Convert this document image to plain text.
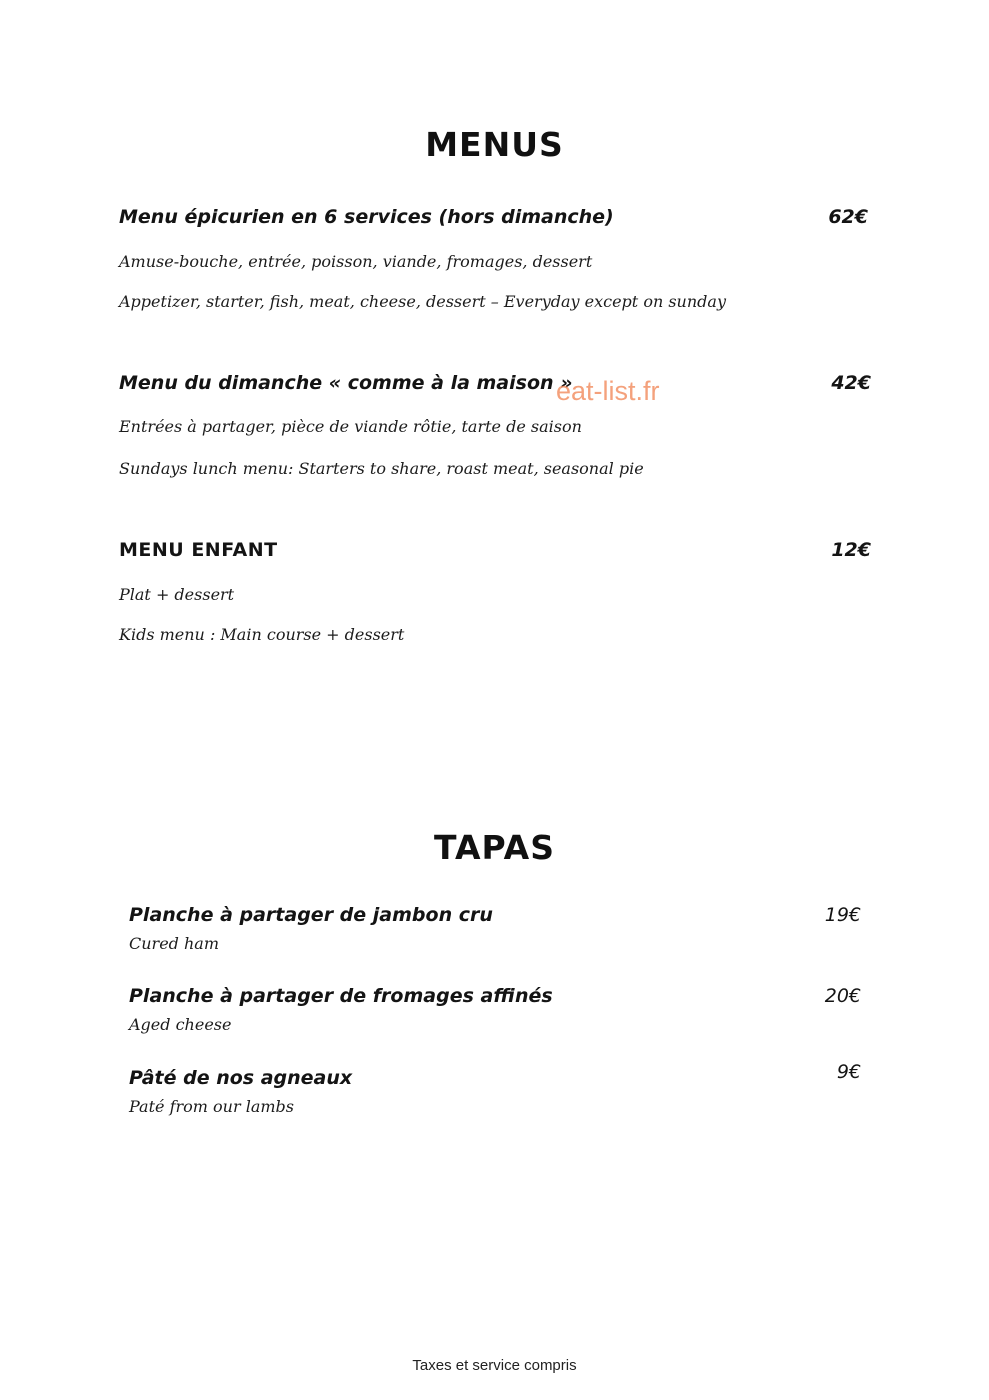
MENUS
Menu épicurien en 6 services (hors dimanche)	62€
Amuse-bouche, entrée, poisson, viande, fromages, dessert
Appetizer, starter, fish, meat, cheese, dessert – Everyday except on sunday
Menu du dimanche « comme à la maison »	42€
Entrées à partager, pièce de viande rôtie, tarte de saison
Sundays lunch menu: Starters to share, roast meat, seasonal pie
eat-list.fr
MENU ENFANT	12€
Plat + dessert
Kids menu : Main course + dessert
TAPAS
Planche à partager de jambon cru	19€
Cured ham
Planche à partager de fromages affinés	20€
Aged cheese
Pâté de nos agneaux	9€
Paté from our lambs
Taxes et service compris
